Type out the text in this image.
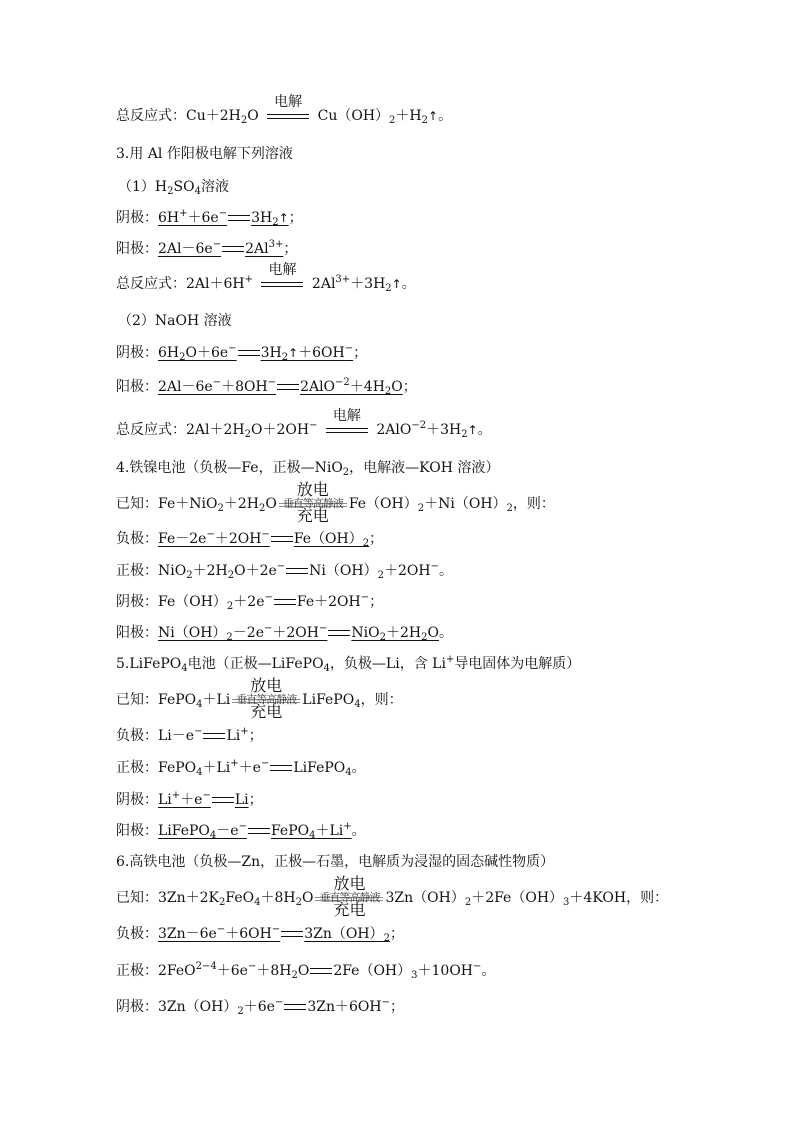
总反应式：$Cu+2H_2O$
电解
$Cu(OH)_2+H_2↑$。
3.用 Al 作阳极电解下列溶液
$(1)H_2SO_4$溶液
阴极：6H+＋6e− $3H_2↑$；
阳极：2Al－6e− $2Al^{3+}$；
总反应式：2Al＋6H+
电解
$2Al^{3+}+3H_2↑$。
（2）NaOH 溶液
阴极：$6H_2O+6e^-$ $3H_2↑+6OH^-$；
阳极：2Al－6e−＋8OH− $2AlO^{-2}+4H_2O$；
总反应式：$2Al+2H_2O+2OH^-$
电解
$2AlO^{-2}+3H_2↑$。
4.铁镍电池（负极—Fe，正极—NiO$_2$，电解液—KOH 溶液）
已知：$Fe+NiO_2+2H_2O$
放电
垂直等高静液
充电
$Fe(OH)_2+Ni(OH)_2$，则：
负极：Fe－2e−＋2OH− $Fe(OH)_2$；
正极：$NiO_2+2H_2O+2e^-$ $Ni(OH)_2+2OH^-$。
阴极：$Fe(OH)_2+2e^-$ Fe＋2OH−；
阳极：$Ni(OH)_2-2e^-+2OH^-$ $NiO_2+2H_2O$。
5.LiFePO$_4$电池（正极—LiFePO$_4$，负极—Li，含 Li+导电固体为电解质）
已知：FePO$_4$＋Li
放电
垂直等高静液
充电
LiFePO$_4$，则：
负极：Li－e− Li+；
正极：FePO$_4$＋Li+＋e− LiFePO$_4$。
阴极：Li+＋e− Li；
阳极：LiFePO$_4$－e− FePO$_4$＋Li+。
6.高铁电池（负极—Zn，正极—石墨，电解质为浸湿的固态碱性物质）
已知：$3Zn+2K_2FeO_4+8H_2O$
放电
垂直等高静液
充电
$3Zn(OH)_2+2Fe(OH)_3+4KOH$，则：
负极：3Zn－6e−＋6OH− $3Zn(OH)_2$；
正极：$2FeO^{2-4}+6e^-+8H_2O$ $2Fe(OH)_3+10OH^-$。
阴极：$3Zn(OH)_2+6e^-$ 3Zn＋6OH−；
